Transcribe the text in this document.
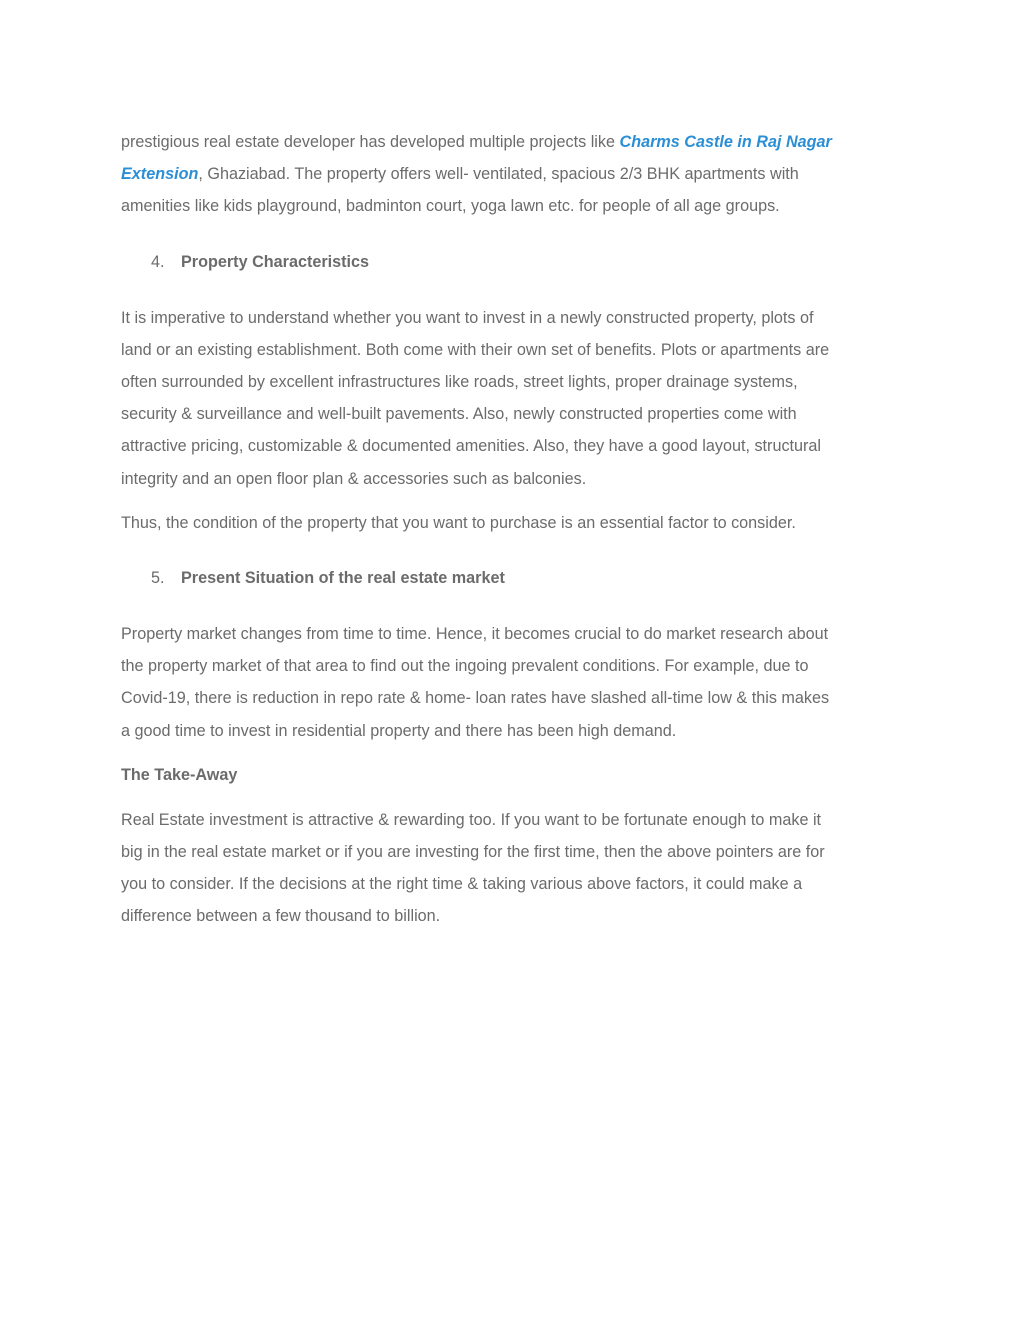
prestigious real estate developer has developed multiple projects like Charms Castle in Raj Nagar
Extension, Ghaziabad. The property offers well- ventilated, spacious 2/3 BHK apartments with
amenities like kids playground, badminton court, yoga lawn etc. for people of all age groups.

4.	Property Characteristics

It is imperative to understand whether you want to invest in a newly constructed property, plots of
land or an existing establishment. Both come with their own set of benefits. Plots or apartments are
often surrounded by excellent infrastructures like roads, street lights, proper drainage systems,
security & surveillance and well-built pavements. Also, newly constructed properties come with
attractive pricing, customizable & documented amenities. Also, they have a good layout, structural
integrity and an open floor plan & accessories such as balconies.

Thus, the condition of the property that you want to purchase is an essential factor to consider.

5.	Present Situation of the real estate market

Property market changes from time to time. Hence, it becomes crucial to do market research about
the property market of that area to find out the ingoing prevalent conditions. For example, due to
Covid-19, there is reduction in repo rate & home- loan rates have slashed all-time low & this makes
a good time to invest in residential property and there has been high demand.

The Take-Away

Real Estate investment is attractive & rewarding too. If you want to be fortunate enough to make it
big in the real estate market or if you are investing for the first time, then the above pointers are for
you to consider. If the decisions at the right time & taking various above factors, it could make a
difference between a few thousand to billion.
